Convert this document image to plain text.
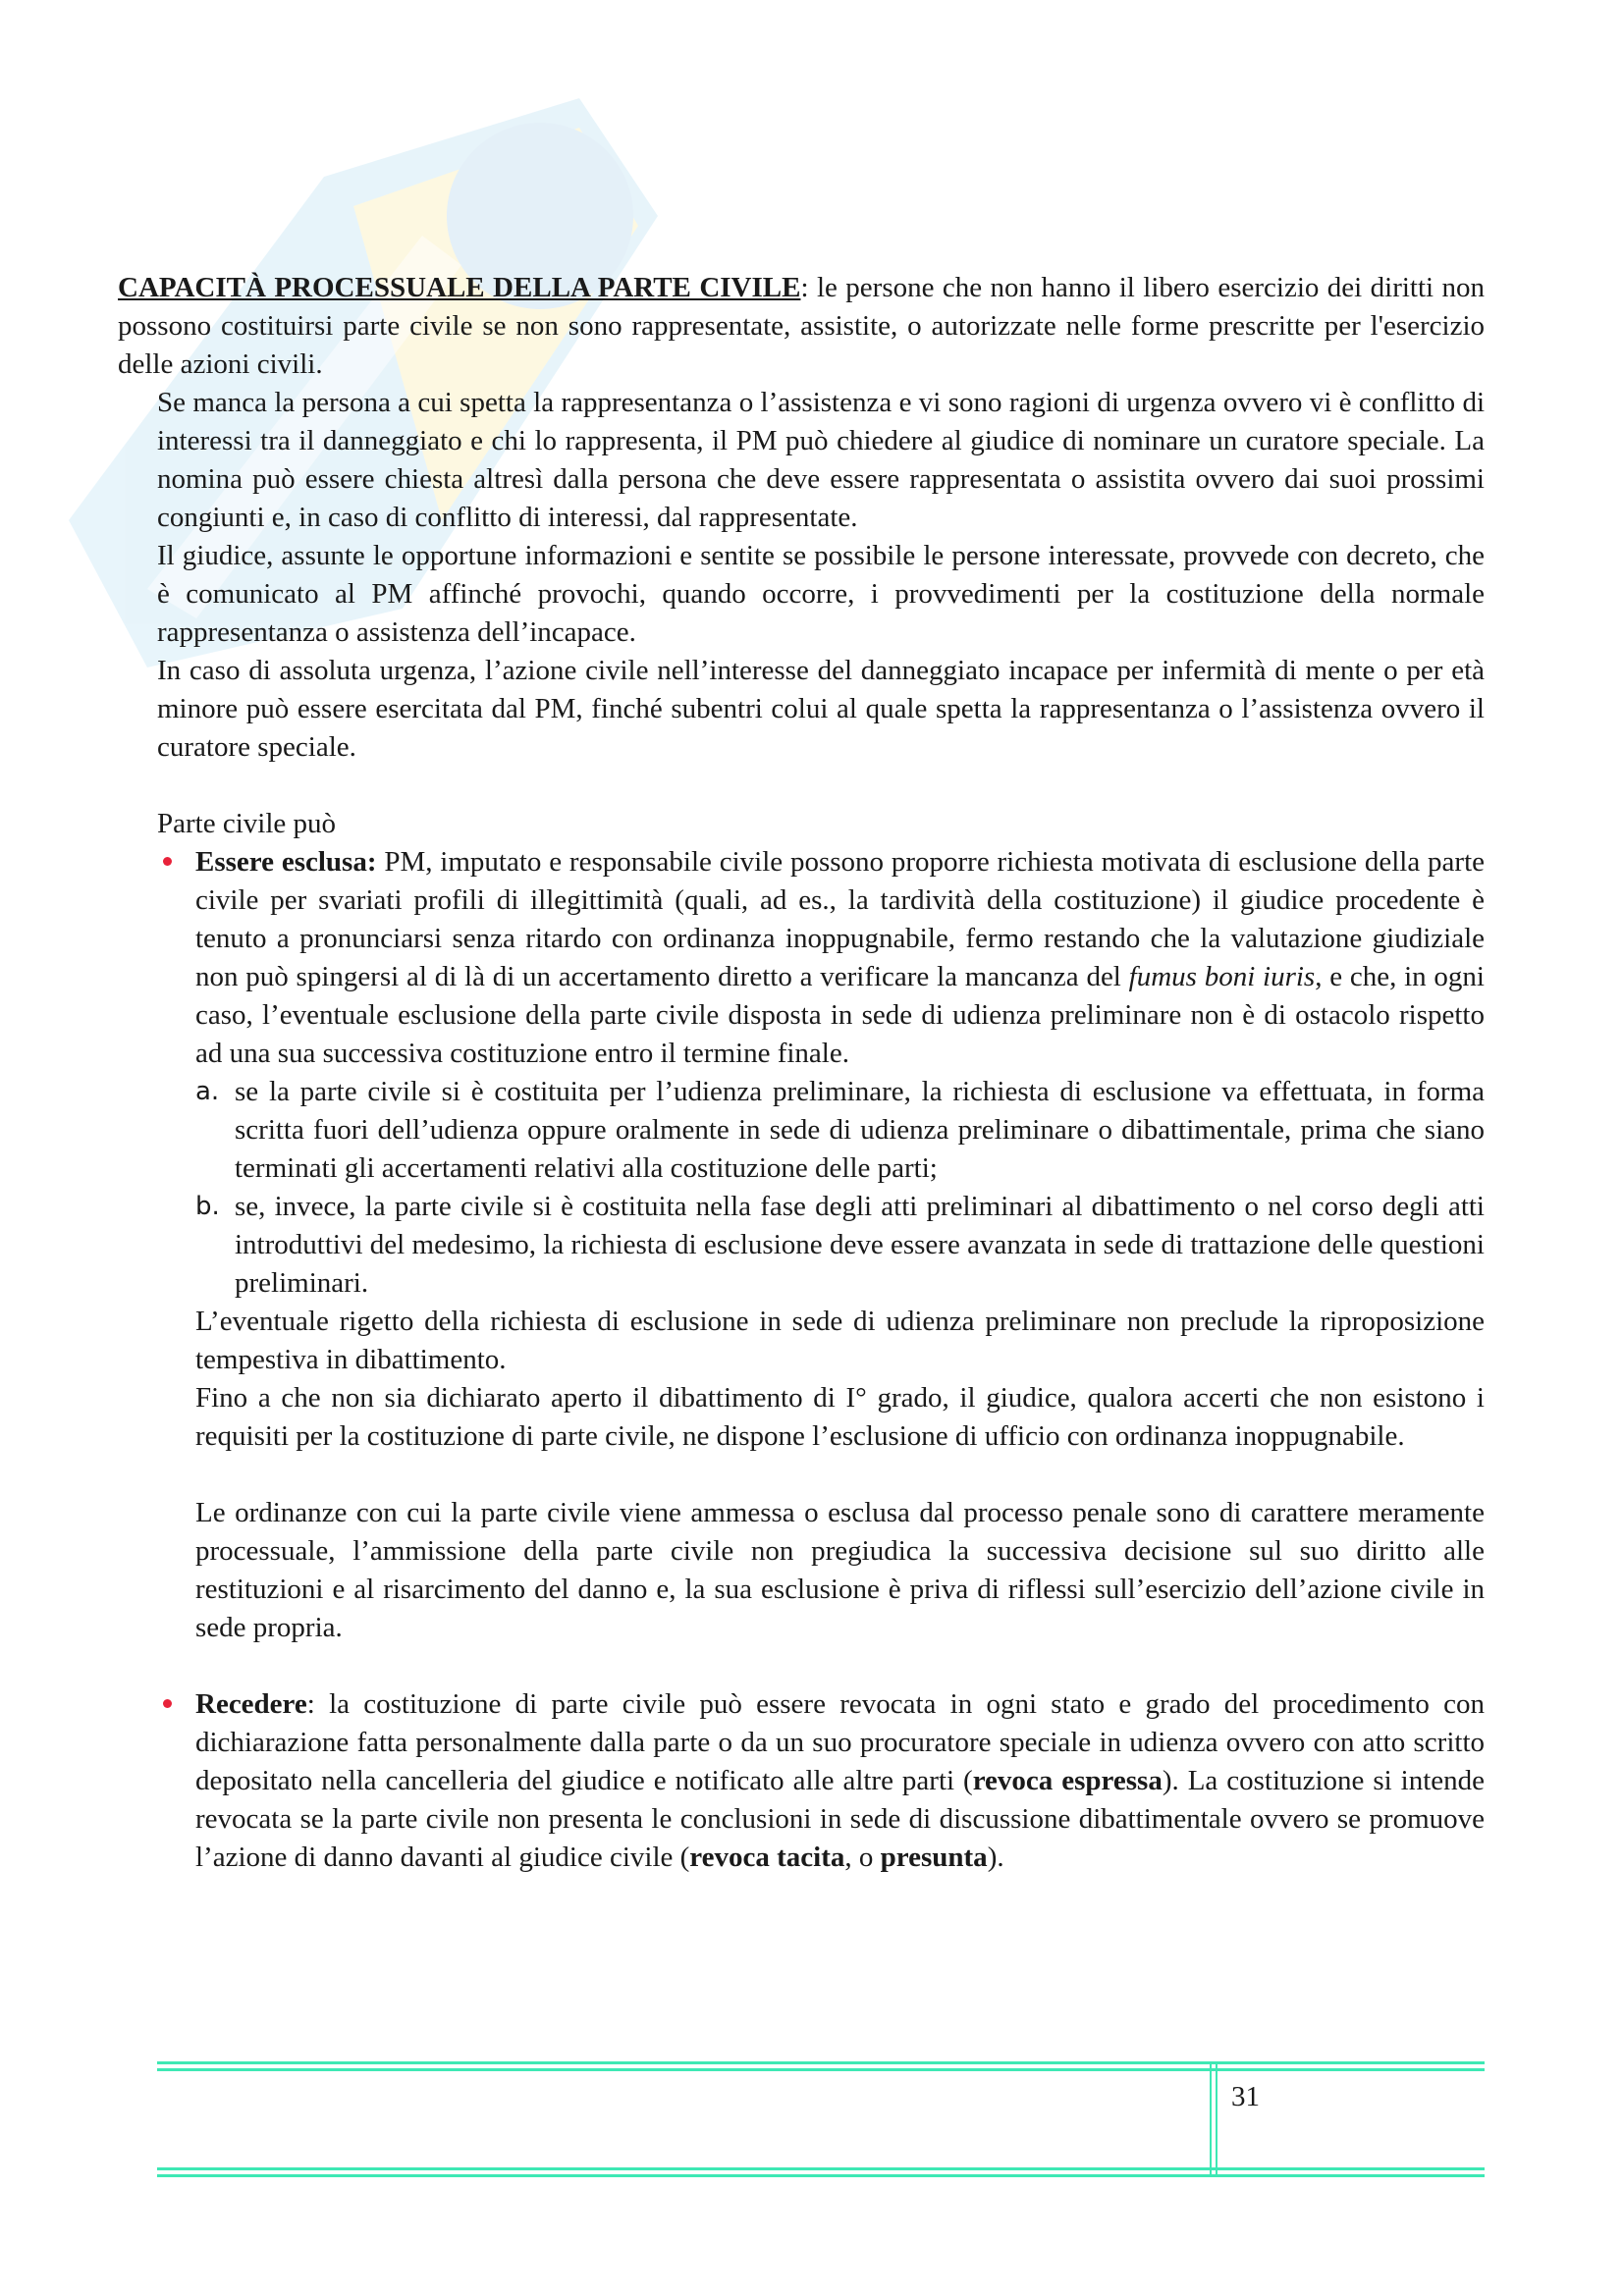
CAPACITÀ PROCESSUALE DELLA PARTE CIVILE: le persone che non hanno il libero esercizio dei diritti non possono costituirsi parte civile se non sono rappresentate, assistite, o autorizzate nelle forme prescritte per l'esercizio delle azioni civili.

Se manca la persona a cui spetta la rappresentanza o l’assistenza e vi sono ragioni di urgenza ovvero vi è conflitto di interessi tra il danneggiato e chi lo rappresenta, il PM può chiedere al giudice di nominare un curatore speciale. La nomina può essere chiesta altresì dalla persona che deve essere rappresentata o assistita ovvero dai suoi prossimi congiunti e, in caso di conflitto di interessi, dal rappresentate.

Il giudice, assunte le opportune informazioni e sentite se possibile le persone interessate, provvede con decreto, che è comunicato al PM affinché provochi, quando occorre, i provvedimenti per la costituzione della normale rappresentanza o assistenza dell’incapace.

In caso di assoluta urgenza, l’azione civile nell’interesse del danneggiato incapace per infermità di mente o per età minore può essere esercitata dal PM, finché subentri colui al quale spetta la rappresentanza o l’assistenza ovvero il curatore speciale.

Parte civile può

Essere esclusa: PM, imputato e responsabile civile possono proporre richiesta motivata di esclusione della parte civile per svariati profili di illegittimità (quali, ad es., la tardività della costituzione) il giudice procedente è tenuto a pronunciarsi senza ritardo con ordinanza inoppugnabile, fermo restando che la valutazione giudiziale non può spingersi al di là di un accertamento diretto a verificare la mancanza del fumus boni iuris, e che, in ogni caso, l’eventuale esclusione della parte civile disposta in sede di udienza preliminare non è di ostacolo rispetto ad una sua successiva costituzione entro il termine finale.

a. se la parte civile si è costituita per l’udienza preliminare, la richiesta di esclusione va effettuata, in forma scritta fuori dell’udienza oppure oralmente in sede di udienza preliminare o dibattimentale, prima che siano terminati gli accertamenti relativi alla costituzione delle parti;

b. se, invece, la parte civile si è costituita nella fase degli atti preliminari al dibattimento o nel corso degli atti introduttivi del medesimo, la richiesta di esclusione deve essere avanzata in sede di trattazione delle questioni preliminari.

L’eventuale rigetto della richiesta di esclusione in sede di udienza preliminare non preclude la riproposizione tempestiva in dibattimento.

Fino a che non sia dichiarato aperto il dibattimento di I° grado, il giudice, qualora accerti che non esistono i requisiti per la costituzione di parte civile, ne dispone l’esclusione di ufficio con ordinanza inoppugnabile.

Le ordinanze con cui la parte civile viene ammessa o esclusa dal processo penale sono di carattere meramente processuale, l’ammissione della parte civile non pregiudica la successiva decisione sul suo diritto alle restituzioni e al risarcimento del danno e, la sua esclusione è priva di riflessi sull’esercizio dell’azione civile in sede propria.

Recedere: la costituzione di parte civile può essere revocata in ogni stato e grado del procedimento con dichiarazione fatta personalmente dalla parte o da un suo procuratore speciale in udienza ovvero con atto scritto depositato nella cancelleria del giudice e notificato alle altre parti (revoca espressa). La costituzione si intende revocata se la parte civile non presenta le conclusioni in sede di discussione dibattimentale ovvero se promuove l’azione di danno davanti al giudice civile (revoca tacita, o presunta).

31
